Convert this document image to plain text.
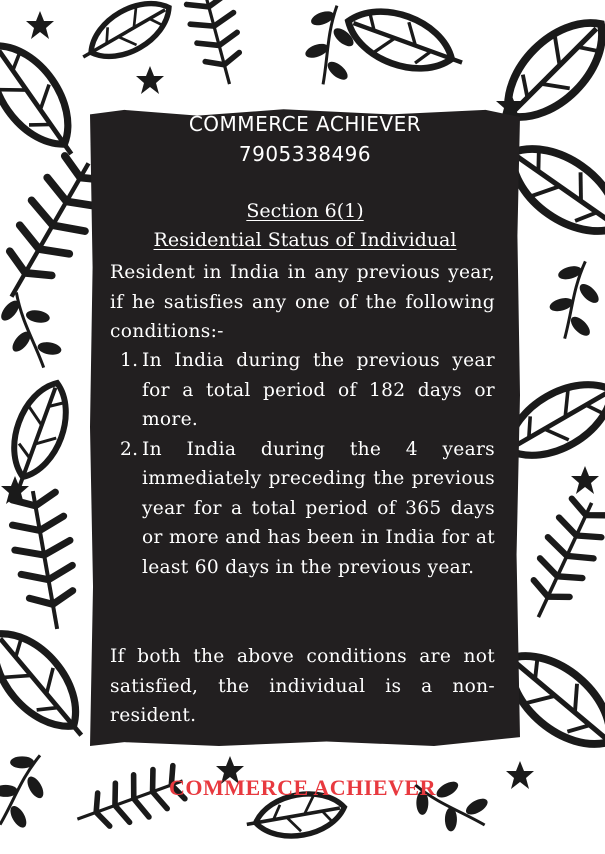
COMMERCE ACHIEVER
7905338496
Section 6(1)
Residential Status of Individual

Resident in India in any previous year, if he satisfies any one of the following conditions:-

1. In India during the previous year for a total period of 182 days or more.
2. In India during the 4 years immediately preceding the previous year for a total period of 365 days or more and has been in India for at least 60 days in the previous year.

If both the above conditions are not satisfied, the individual is a non-resident.

COMMERCE ACHIEVER
